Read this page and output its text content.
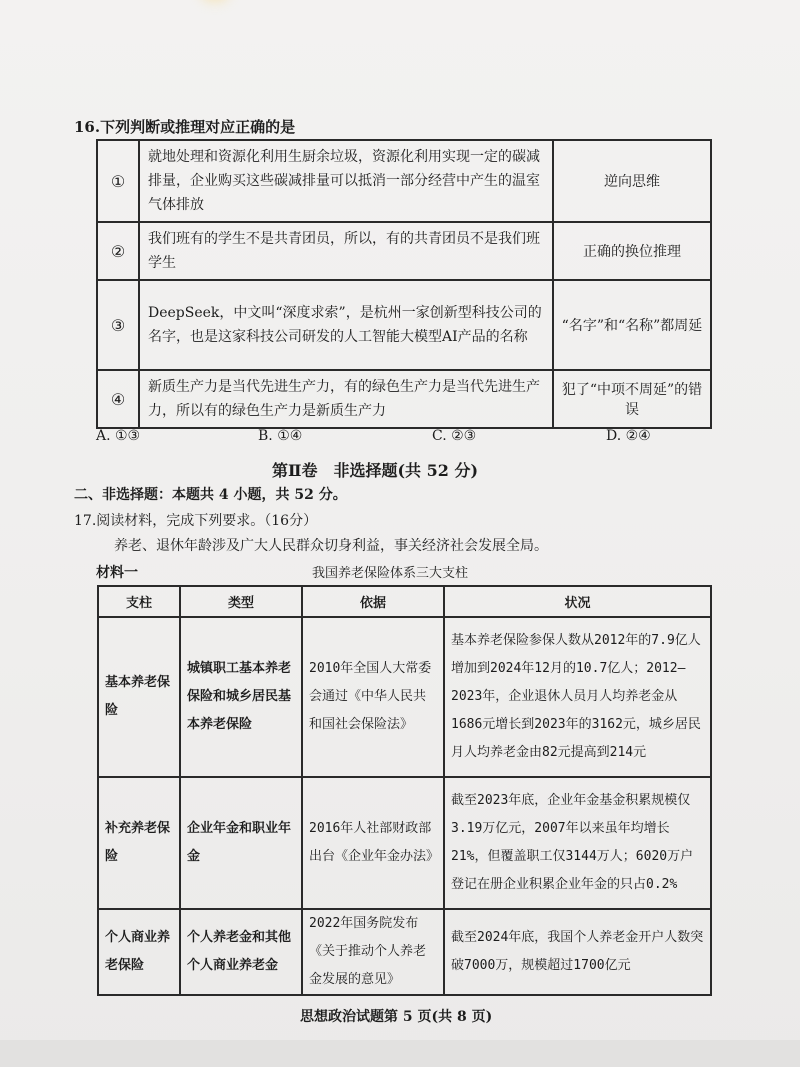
16.下列判断或推理对应正确的是
①	就地处理和资源化利用生厨余垃圾，资源化利用实现一定的碳减排量，企业购买这些碳减排量可以抵消一部分经营中产生的温室气体排放	逆向思维
②	我们班有的学生不是共青团员，所以，有的共青团员不是我们班学生	正确的换位推理
③	DeepSeek，中文叫“深度求索”，是杭州一家创新型科技公司的名字，也是这家科技公司研发的人工智能大模型AI产品的名称	“名字”和“名称”都周延
④	新质生产力是当代先进生产力，有的绿色生产力是当代先进生产力，所以有的绿色生产力是新质生产力	犯了“中项不周延”的错误
A. ①③	B. ①④	C. ②③	D. ②④
第Ⅱ卷　非选择题(共 52 分)
二、非选择题：本题共 4 小题，共 52 分。
17.阅读材料，完成下列要求。（16分）
养老、退休年龄涉及广大人民群众切身利益，事关经济社会发展全局。
材料一	我国养老保险体系三大支柱
支柱	类型	依据	状况
基本养老保险	城镇职工基本养老保险和城乡居民基本养老保险	2010年全国人大常委会通过《中华人民共和国社会保险法》	基本养老保险参保人数从2012年的7.9亿人增加到2024年12月的10.7亿人；2012—2023年，企业退休人员月人均养老金从1686元增长到2023年的3162元，城乡居民月人均养老金由82元提高到214元
补充养老保险	企业年金和职业年金	2016年人社部财政部出台《企业年金办法》	截至2023年底，企业年金基金积累规模仅3.19万亿元，2007年以来虽年均增长21%，但覆盖职工仅3144万人；6020万户登记在册企业积累企业年金的只占0.2%
个人商业养老保险	个人养老金和其他个人商业养老金	2022年国务院发布《关于推动个人养老金发展的意见》	截至2024年底，我国个人养老金开户人数突破7000万，规模超过1700亿元
思想政治试题第 5 页(共 8 页)
